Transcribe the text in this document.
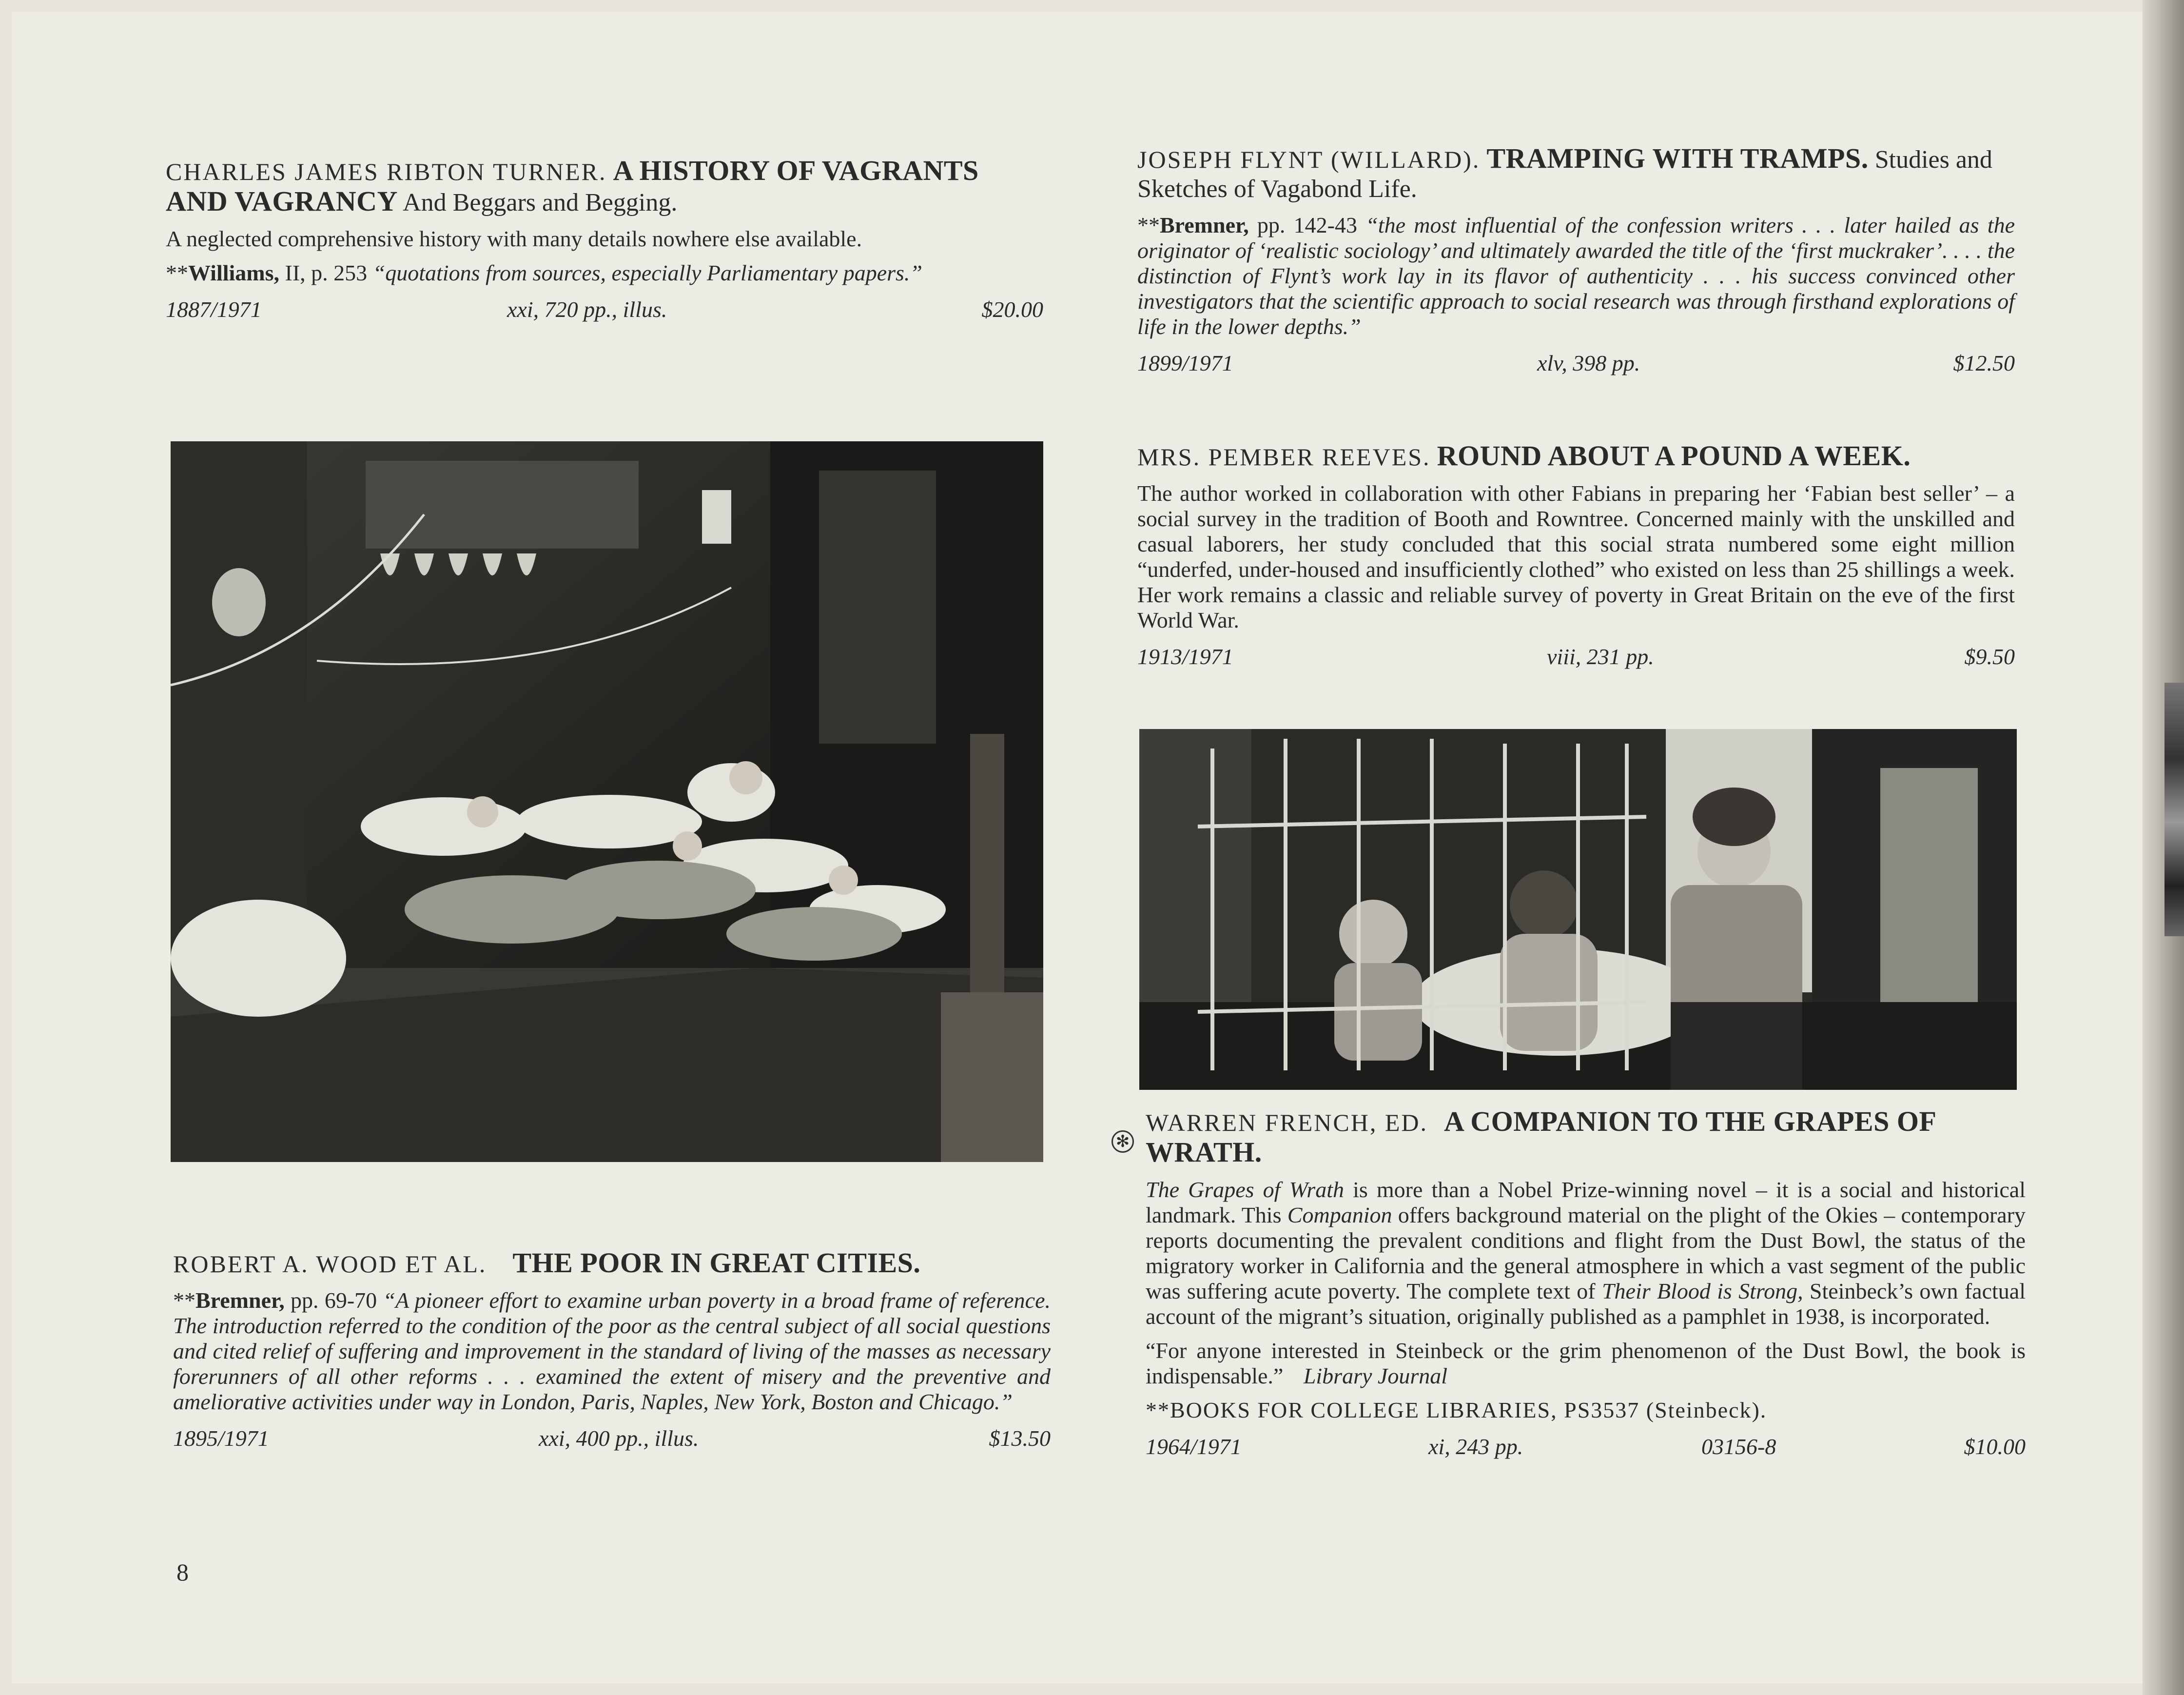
CHARLES JAMES RIBTON TURNER. A HISTORY OF VAGRANTS AND VAGRANCY And Beggars and Begging.
A neglected comprehensive history with many details nowhere else available.
**Williams, II, p. 253 “quotations from sources, especially Parliamentary papers.”
1887/1971	xxi, 720 pp., illus.	$20.00
JOSEPH FLYNT (WILLARD). TRAMPING WITH TRAMPS. Studies and Sketches of Vagabond Life.
**Bremner, pp. 142-43 “the most influential of the confession writers . . . later hailed as the originator of ‘realistic sociology’ and ultimately awarded the title of the ‘first muckraker’. . . . the distinction of Flynt’s work lay in its flavor of authenticity . . . his success convinced other investigators that the scientific approach to social research was through firsthand explorations of life in the lower depths.”
1899/1971	xlv, 398 pp.	$12.50
MRS. PEMBER REEVES. ROUND ABOUT A POUND A WEEK.
The author worked in collaboration with other Fabians in preparing her ‘Fabian best seller’ – a social survey in the tradition of Booth and Rowntree. Concerned mainly with the unskilled and casual laborers, her study concluded that this social strata numbered some eight million “underfed, under-housed and insufficiently clothed” who existed on less than 25 shillings a week. Her work remains a classic and reliable survey of poverty in Great Britain on the eve of the first World War.
1913/1971	viii, 231 pp.	$9.50
ROBERT A. WOOD ET AL. THE POOR IN GREAT CITIES.
**Bremner, pp. 69-70 “A pioneer effort to examine urban poverty in a broad frame of reference. The introduction referred to the condition of the poor as the central subject of all social questions and cited relief of suffering and improvement in the standard of living of the masses as necessary forerunners of all other reforms . . . examined the extent of misery and the preventive and ameliorative activities under way in London, Paris, Naples, New York, Boston and Chicago.”
1895/1971	xxi, 400 pp., illus.	$13.50
✻
WARREN FRENCH, ED. A COMPANION TO THE GRAPES OF WRATH.
The Grapes of Wrath is more than a Nobel Prize-winning novel – it is a social and historical landmark. This Companion offers background material on the plight of the Okies – contemporary reports documenting the prevalent conditions and flight from the Dust Bowl, the status of the migratory worker in California and the general atmosphere in which a vast segment of the public was suffering acute poverty. The complete text of Their Blood is Strong, Steinbeck’s own factual account of the migrant’s situation, originally published as a pamphlet in 1938, is incorporated.
“For anyone interested in Steinbeck or the grim phenomenon of the Dust Bowl, the book is indispensable.” Library Journal
**BOOKS FOR COLLEGE LIBRARIES, PS3537 (Steinbeck).
1964/1971	xi, 243 pp.	03156-8	$10.00
8
